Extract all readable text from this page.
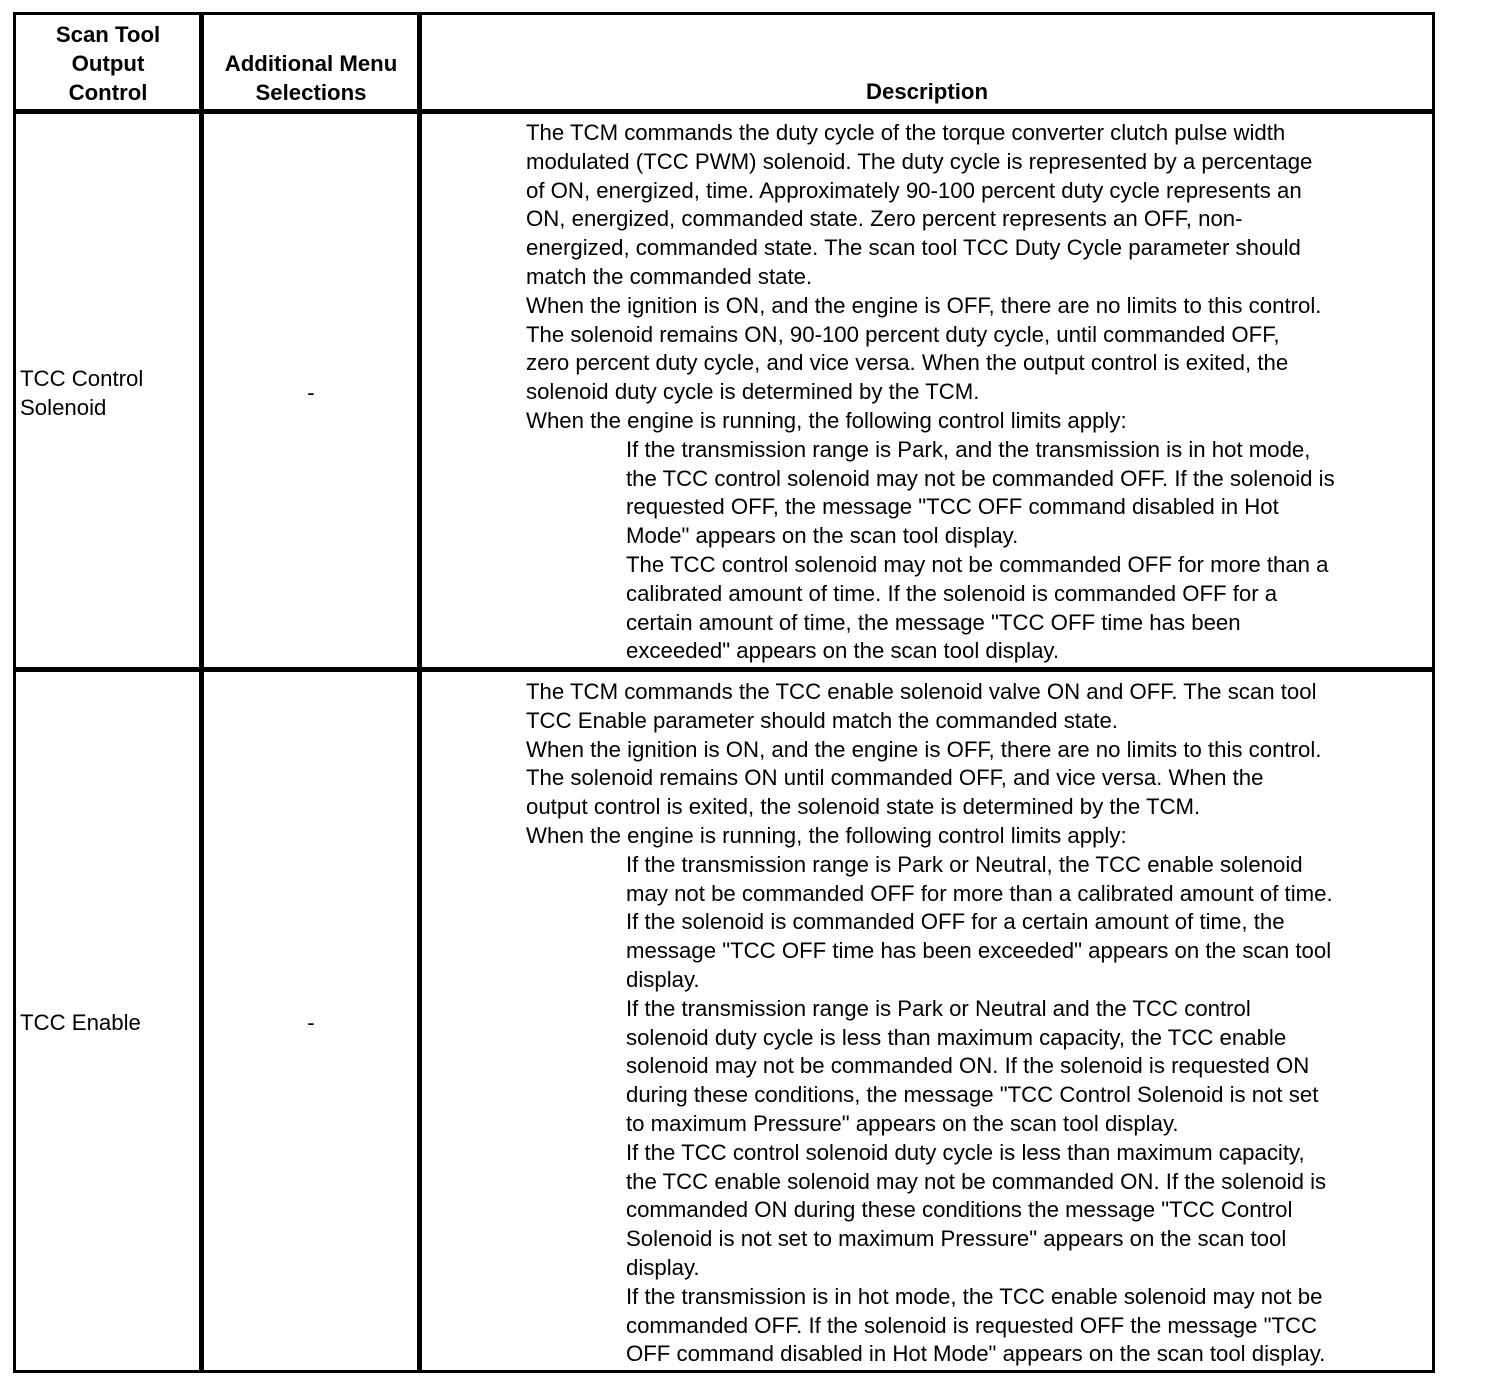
Scan Tool
Output
Control
Additional Menu
Selections	Description
TCC Control
Solenoid
-
The TCM commands the duty cycle of the torque converter clutch pulse width
modulated (TCC PWM) solenoid. The duty cycle is represented by a percentage
of ON, energized, time. Approximately 90-100 percent duty cycle represents an
ON, energized, commanded state. Zero percent represents an OFF, non-
energized, commanded state. The scan tool TCC Duty Cycle parameter should
match the commanded state.
When the ignition is ON, and the engine is OFF, there are no limits to this control.
The solenoid remains ON, 90-100 percent duty cycle, until commanded OFF,
zero percent duty cycle, and vice versa. When the output control is exited, the
solenoid duty cycle is determined by the TCM.
When the engine is running, the following control limits apply:
If the transmission range is Park, and the transmission is in hot mode,
the TCC control solenoid may not be commanded OFF. If the solenoid is
requested OFF, the message "TCC OFF command disabled in Hot
Mode" appears on the scan tool display.
The TCC control solenoid may not be commanded OFF for more than a
calibrated amount of time. If the solenoid is commanded OFF for a
certain amount of time, the message "TCC OFF time has been
exceeded" appears on the scan tool display.
TCC Enable	-
The TCM commands the TCC enable solenoid valve ON and OFF. The scan tool
TCC Enable parameter should match the commanded state.
When the ignition is ON, and the engine is OFF, there are no limits to this control.
The solenoid remains ON until commanded OFF, and vice versa. When the
output control is exited, the solenoid state is determined by the TCM.
When the engine is running, the following control limits apply:
If the transmission range is Park or Neutral, the TCC enable solenoid
may not be commanded OFF for more than a calibrated amount of time.
If the solenoid is commanded OFF for a certain amount of time, the
message "TCC OFF time has been exceeded" appears on the scan tool
display.
If the transmission range is Park or Neutral and the TCC control
solenoid duty cycle is less than maximum capacity, the TCC enable
solenoid may not be commanded ON. If the solenoid is requested ON
during these conditions, the message "TCC Control Solenoid is not set
to maximum Pressure" appears on the scan tool display.
If the TCC control solenoid duty cycle is less than maximum capacity,
the TCC enable solenoid may not be commanded ON. If the solenoid is
commanded ON during these conditions the message "TCC Control
Solenoid is not set to maximum Pressure" appears on the scan tool
display.
If the transmission is in hot mode, the TCC enable solenoid may not be
commanded OFF. If the solenoid is requested OFF the message "TCC
OFF command disabled in Hot Mode" appears on the scan tool display.
